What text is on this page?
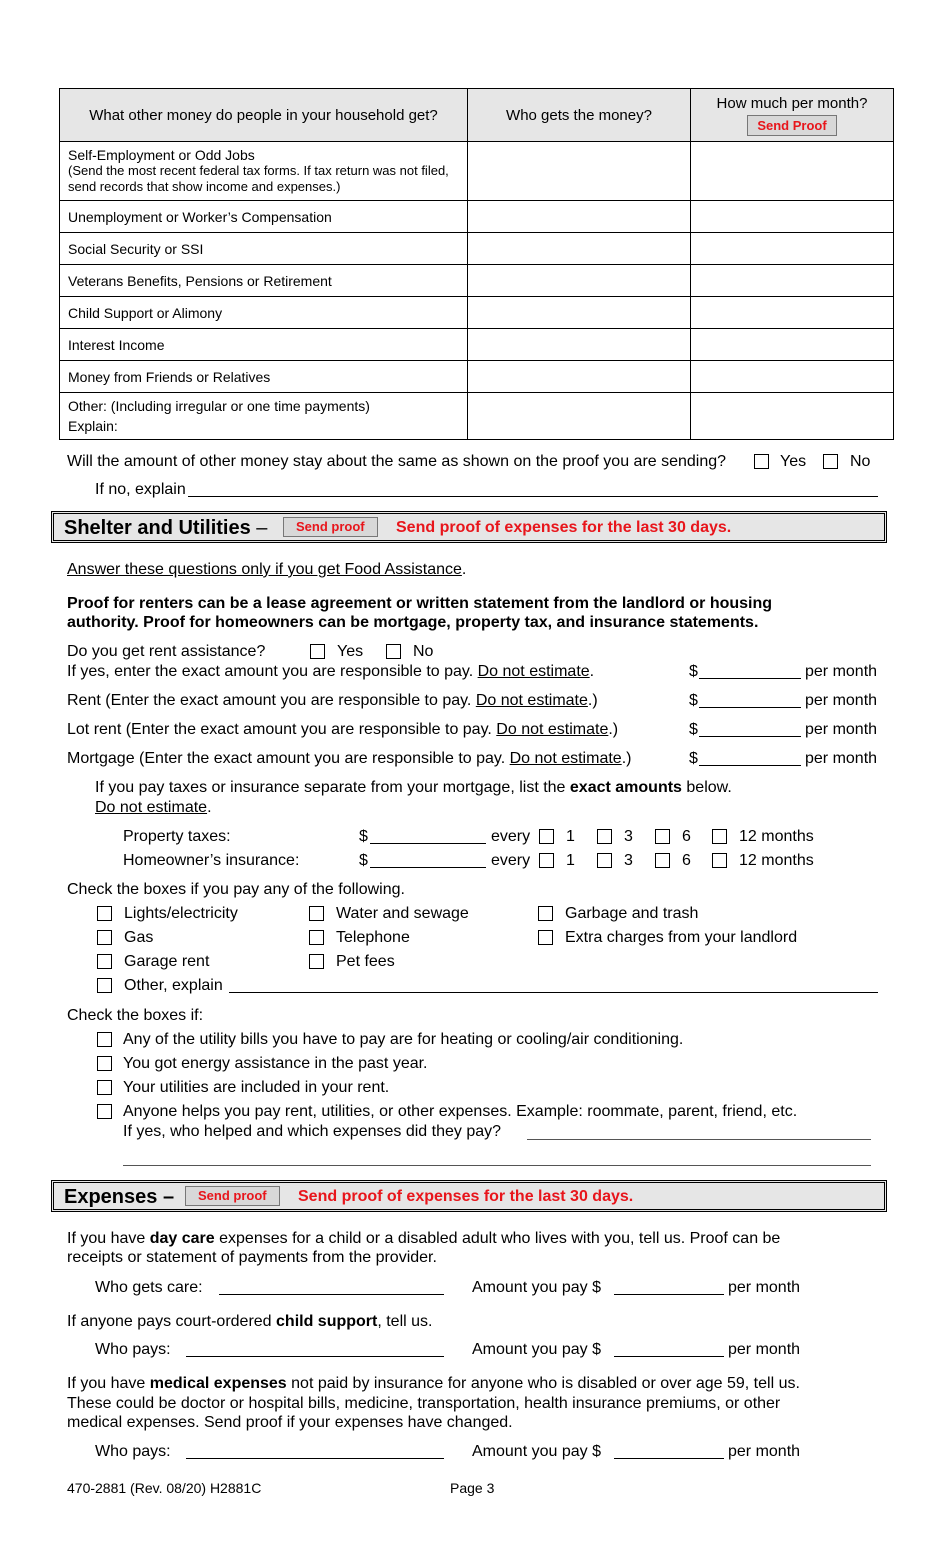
What other money do people in your household get?	Who gets the money?	How much per month?
Send Proof

Self-Employment or Odd Jobs
(Send the most recent federal tax forms. If tax return was not filed, send records that show income and expenses.)		

Unemployment or Worker’s Compensation		
Social Security or SSI		
Veterans Benefits, Pensions or Retirement		
Child Support or Alimony		
Interest Income		
Money from Friends or Relatives		

Other: (Including irregular or one time payments)
Explain:		

Will the amount of other money stay about the same as shown on the proof you are sending?	Yes	No
If no, explain
Shelter and Utilities –	Send proof	Send proof of expenses for the last 30 days.
Answer these questions only if you get Food Assistance.
Proof for renters can be a lease agreement or written statement from the landlord or housing
authority. Proof for homeowners can be mortgage, property tax, and insurance statements.
Do you get rent assistance?	Yes	No
If yes, enter the exact amount you are responsible to pay. Do not estimate.	$	per month
Rent (Enter the exact amount you are responsible to pay. Do not estimate.)	$	per month
Lot rent (Enter the exact amount you are responsible to pay. Do not estimate.)	$	per month
Mortgage (Enter the exact amount you are responsible to pay. Do not estimate.)	$	per month
If you pay taxes or insurance separate from your mortgage, list the exact amounts below.
Do not estimate.
Property taxes:	$	every 1	3	6	12 months
Homeowner’s insurance:	$	every 1	3	6	12 months
Check the boxes if you pay any of the following.
Lights/electricity	Water and sewage	Garbage and trash
Gas	Telephone	Extra charges from your landlord
Garage rent	Pet fees
Other, explain
Check the boxes if:
Any of the utility bills you have to pay are for heating or cooling/air conditioning.
You got energy assistance in the past year.
Your utilities are included in your rent.
Anyone helps you pay rent, utilities, or other expenses. Example: roommate, parent, friend, etc.
If yes, who helped and which expenses did they pay?
Expenses –	Send proof	Send proof of expenses for the last 30 days.
If you have day care expenses for a child or a disabled adult who lives with you, tell us. Proof can be
receipts or statement of payments from the provider.
Who gets care:	Amount you pay $	per month
If anyone pays court-ordered child support, tell us.
Who pays:	Amount you pay $	per month
If you have medical expenses not paid by insurance for anyone who is disabled or over age 59, tell us.
These could be doctor or hospital bills, medicine, transportation, health insurance premiums, or other
medical expenses. Send proof if your expenses have changed.
Who pays:	Amount you pay $	per month
470-2881 (Rev. 08/20) H2881C	Page 3
